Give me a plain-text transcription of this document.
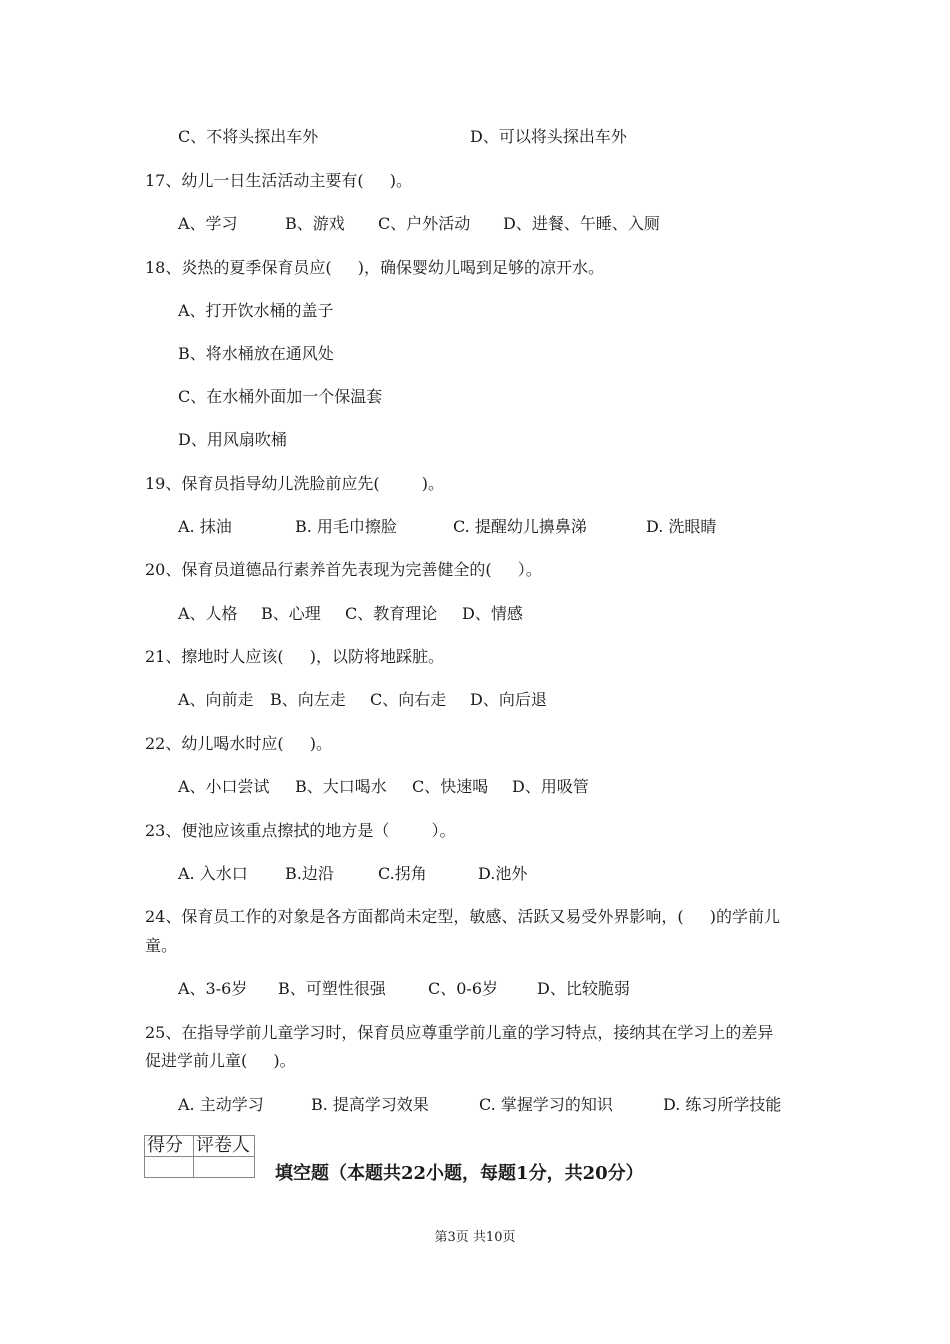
C、不将头探出车外	D、可以将头探出车外
17、幼儿一日生活活动主要有(　  )。
A、学习	B、游戏 C、户外活动 D、进餐、午睡、入厕
18、炎热的夏季保育员应(　  )，确保婴幼儿喝到足够的凉开水。
A、打开饮水桶的盖子
B、将水桶放在通风处
C、在水桶外面加一个保温套
D、用风扇吹桶
19、保育员指导幼儿洗脸前应先(　  　)。
A. 抹油	B. 用毛巾擦脸	C. 提醒幼儿擤鼻涕	D. 洗眼睛
20、保育员道德品行素养首先表现为完善健全的(　  ）。
A、人格 B、心理 C、教育理论 D、情感
21、擦地时人应该(　  )，以防将地踩脏。
A、向前走 B、向左走 C、向右走 D、向后退
22、幼儿喝水时应(　  )。
A、小口尝试 B、大口喝水 C、快速喝 D、用吸管
23、便池应该重点擦拭的地方是（　  　）。
A. 入水口 B.边沿	C.拐角	D.池外
24、保育员工作的对象是各方面都尚未定型，敏感、活跃又易受外界影响，(　  )的学前儿
童。
A、3-6岁 B、可塑性很强	C、0-6岁 D、比较脆弱
25、在指导学前儿童学习时，保育员应尊重学前儿童的学习特点，接纳其在学习上的差异
促进学前儿童(　  )。
A. 主动学习	B. 提高学习效果	C. 掌握学习的知识	D. 练习所学技能
得分	评卷人

填空题（本题共22小题，每题1分，共20分）
第3页 共10页
